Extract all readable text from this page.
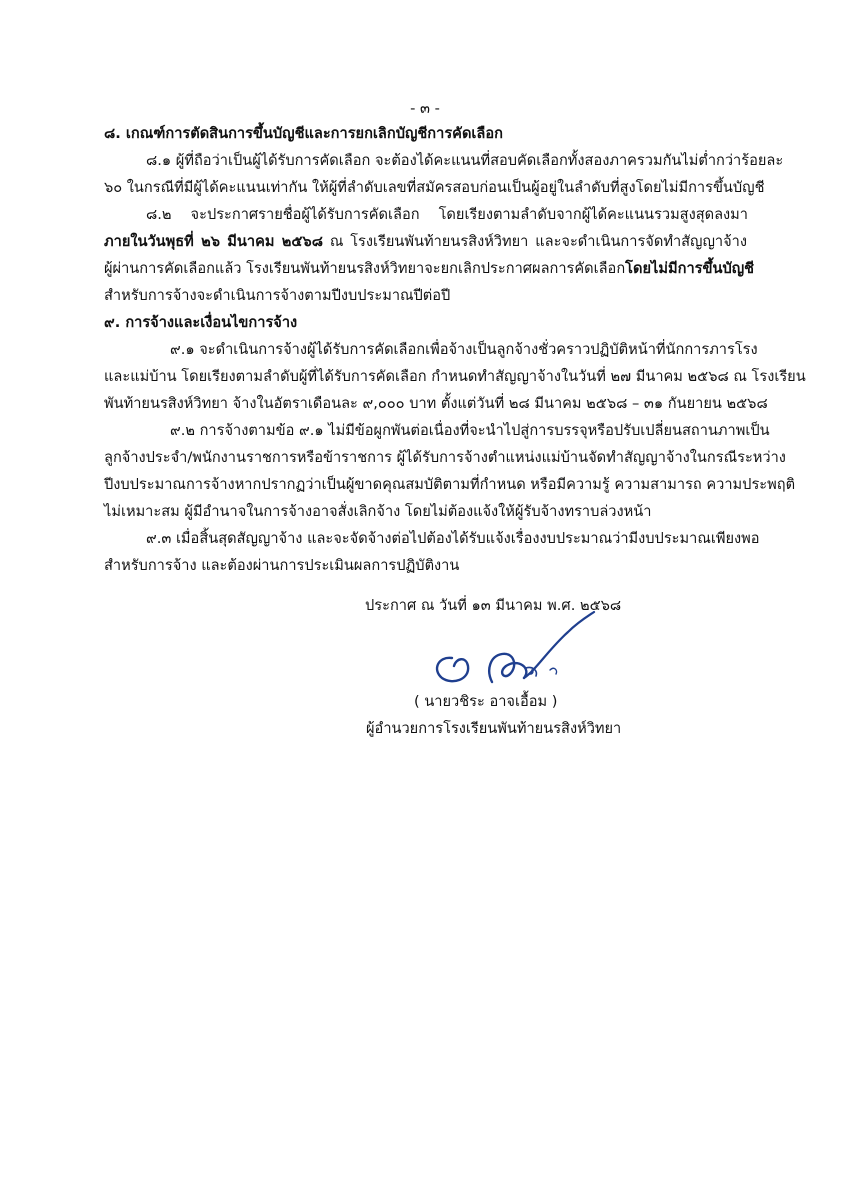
- ๓ -
๘. เกณฑ์การตัดสินการขึ้นบัญชีและการยกเลิกบัญชีการคัดเลือก
๘.๑ ผู้ที่ถือว่าเป็นผู้ได้รับการคัดเลือก จะต้องได้คะแนนที่สอบคัดเลือกทั้งสองภาครวมกันไม่ต่ำกว่าร้อยละ
๖๐ ในกรณีที่มีผู้ได้คะแนนเท่ากัน ให้ผู้ที่ลำดับเลขที่สมัครสอบก่อนเป็นผู้อยู่ในลำดับที่สูงโดยไม่มีการขึ้นบัญชี
๘.๒ จะประกาศรายชื่อผู้ได้รับการคัดเลือก โดยเรียงตามลำดับจากผู้ได้คะแนนรวมสูงสุดลงมา
ภายในวันพุธที่ ๒๖ มีนาคม ๒๕๖๘ ณ โรงเรียนพันท้ายนรสิงห์วิทยา และจะดำเนินการจัดทำสัญญาจ้าง
ผู้ผ่านการคัดเลือกแล้ว โรงเรียนพันท้ายนรสิงห์วิทยาจะยกเลิกประกาศผลการคัดเลือกโดยไม่มีการขึ้นบัญชี
สำหรับการจ้างจะดำเนินการจ้างตามปีงบประมาณปีต่อปี
๙. การจ้างและเงื่อนไขการจ้าง
๙.๑ จะดำเนินการจ้างผู้ได้รับการคัดเลือกเพื่อจ้างเป็นลูกจ้างชั่วคราวปฏิบัติหน้าที่นักการภารโรง
และแม่บ้าน โดยเรียงตามลำดับผู้ที่ได้รับการคัดเลือก กำหนดทำสัญญาจ้างในวันที่ ๒๗ มีนาคม ๒๕๖๘ ณ โรงเรียน
พันท้ายนรสิงห์วิทยา จ้างในอัตราเดือนละ ๙,๐๐๐ บาท ตั้งแต่วันที่ ๒๘ มีนาคม ๒๕๖๘ – ๓๑ กันยายน ๒๕๖๘
๙.๒ การจ้างตามข้อ ๙.๑ ไม่มีข้อผูกพันต่อเนื่องที่จะนำไปสู่การบรรจุหรือปรับเปลี่ยนสถานภาพเป็น
ลูกจ้างประจำ/พนักงานราชการหรือข้าราชการ ผู้ได้รับการจ้างตำแหน่งแม่บ้านจัดทำสัญญาจ้างในกรณีระหว่าง
ปีงบประมาณการจ้างหากปรากฏว่าเป็นผู้ขาดคุณสมบัติตามที่กำหนด หรือมีความรู้ ความสามารถ ความประพฤติ
ไม่เหมาะสม ผู้มีอำนาจในการจ้างอาจสั่งเลิกจ้าง โดยไม่ต้องแจ้งให้ผู้รับจ้างทราบล่วงหน้า
๙.๓ เมื่อสิ้นสุดสัญญาจ้าง และจะจัดจ้างต่อไปต้องได้รับแจ้งเรื่องงบประมาณว่ามีงบประมาณเพียงพอ
สำหรับการจ้าง และต้องผ่านการประเมินผลการปฏิบัติงาน
ประกาศ ณ วันที่ ๑๓ มีนาคม พ.ศ. ๒๕๖๘
( นายวชิระ อาจเอื้อม )
ผู้อำนวยการโรงเรียนพันท้ายนรสิงห์วิทยา
